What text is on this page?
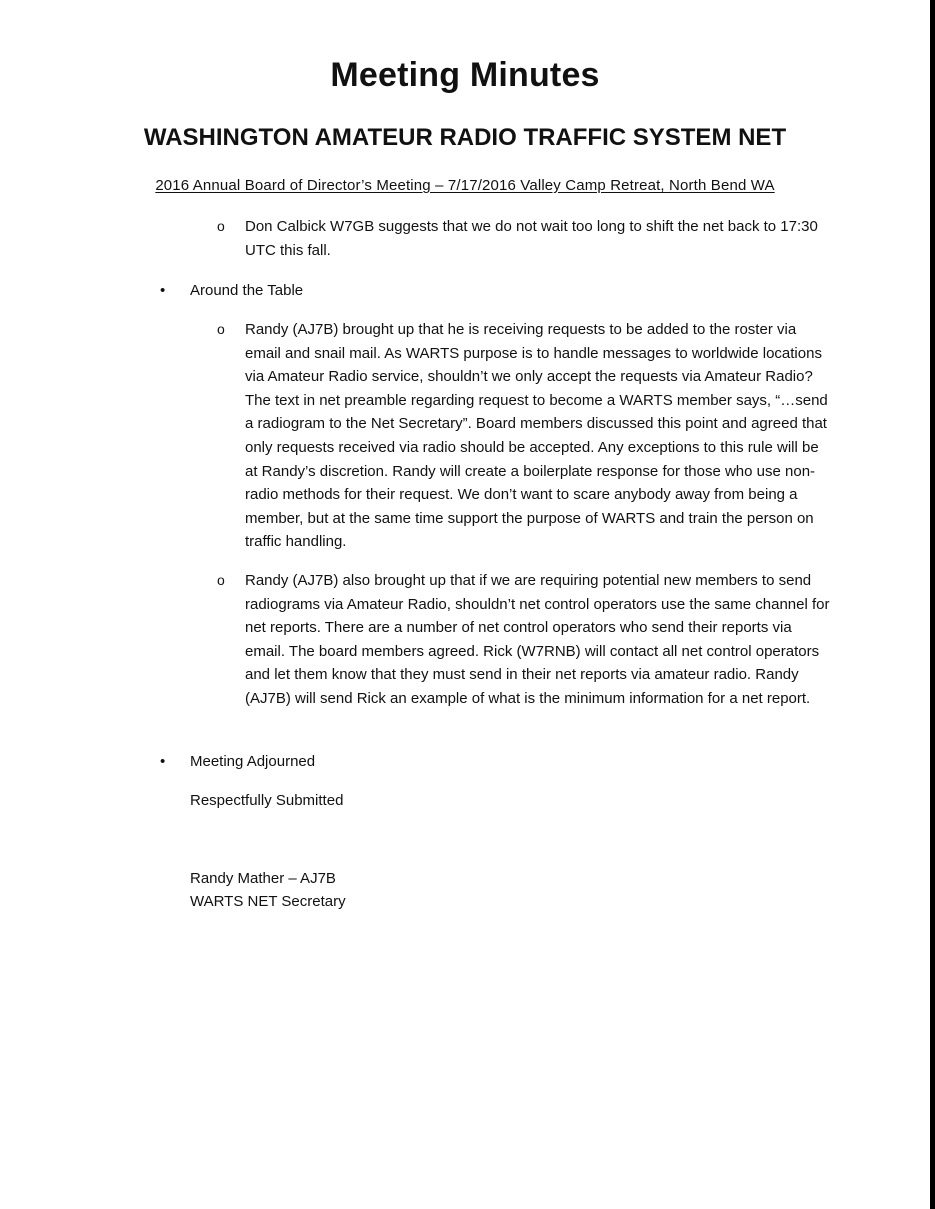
Meeting Minutes
WASHINGTON AMATEUR RADIO TRAFFIC SYSTEM NET
2016 Annual Board of Director’s Meeting – 7/17/2016 Valley Camp Retreat, North Bend WA
o Don Calbick W7GB suggests that we do not wait too long to shift the net back to 17:30 UTC this fall.
• Around the Table
o Randy (AJ7B) brought up that he is receiving requests to be added to the roster via email and snail mail. As WARTS purpose is to handle messages to worldwide locations via Amateur Radio service, shouldn’t we only accept the requests via Amateur Radio? The text in net preamble regarding request to become a WARTS member says, “…send a radiogram to the Net Secretary”. Board members discussed this point and agreed that only requests received via radio should be accepted. Any exceptions to this rule will be at Randy’s discretion. Randy will create a boilerplate response for those who use non-radio methods for their request. We don’t want to scare anybody away from being a member, but at the same time support the purpose of WARTS and train the person on traffic handling.
o Randy (AJ7B) also brought up that if we are requiring potential new members to send radiograms via Amateur Radio, shouldn’t net control operators use the same channel for net reports. There are a number of net control operators who send their reports via email. The board members agreed. Rick (W7RNB) will contact all net control operators and let them know that they must send in their net reports via amateur radio. Randy (AJ7B) will send Rick an example of what is the minimum information for a net report.
• Meeting Adjourned
Respectfully Submitted
Randy Mather – AJ7B
WARTS NET Secretary
